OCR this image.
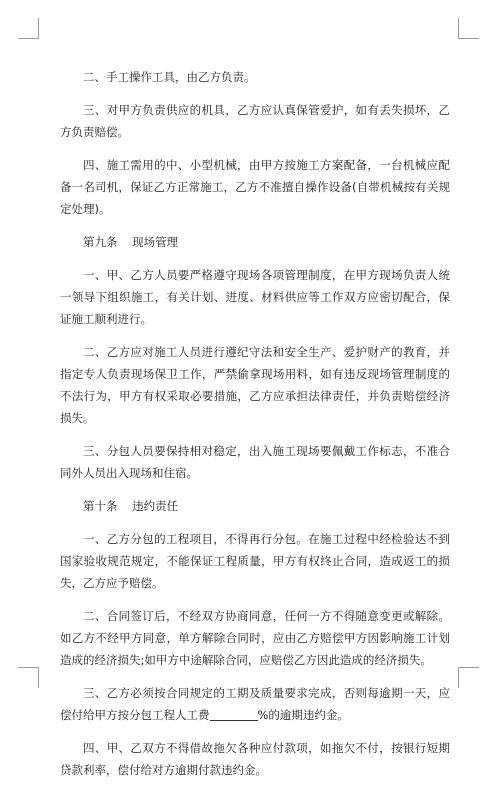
二、手工操作工具，由乙方负责。

三、对甲方负责供应的机具，乙方应认真保管爱护，如有丢失损坏，乙方负责赔偿。

四、施工需用的中、小型机械，由甲方按施工方案配备，一台机械应配备一名司机，保证乙方正常施工，乙方不准擅自操作设备(自带机械按有关规定处理)。

第九条    现场管理

一、甲、乙方人员要严格遵守现场各项管理制度，在甲方现场负责人统一领导下组织施工，有关计划、进度、材料供应等工作双方应密切配合，保证施工顺利进行。

二、乙方应对施工人员进行遵纪守法和安全生产、爱护财产的教育，并指定专人负责现场保卫工作，严禁偷拿现场用料，如有违反现场管理制度的不法行为，甲方有权采取必要措施，乙方应承担法律责任，并负责赔偿经济损失。

三、分包人员要保持相对稳定，出入施工现场要佩戴工作标志，不准合同外人员出入现场和住宿。

第十条    违约责任

一、乙方分包的工程项目，不得再行分包。在施工过程中经检验达不到国家验收规范规定，不能保证工程质量，甲方有权终止合同，造成返工的损失，乙方应予赔偿。

二、合同签订后，不经双方协商同意，任何一方不得随意变更或解除。如乙方不经甲方同意，单方解除合同时，应由乙方赔偿甲方因影响施工计划造成的经济损失;如甲方中途解除合同，应赔偿乙方因此造成的经济损失。

三、乙方必须按合同规定的工期及质量要求完成，否则每逾期一天，应偿付给甲方按分包工程人工费	%的逾期违约金。

四、甲、乙双方不得借故拖欠各种应付款项，如拖欠不付，按银行短期贷款利率，偿付给对方逾期付款违约金。
